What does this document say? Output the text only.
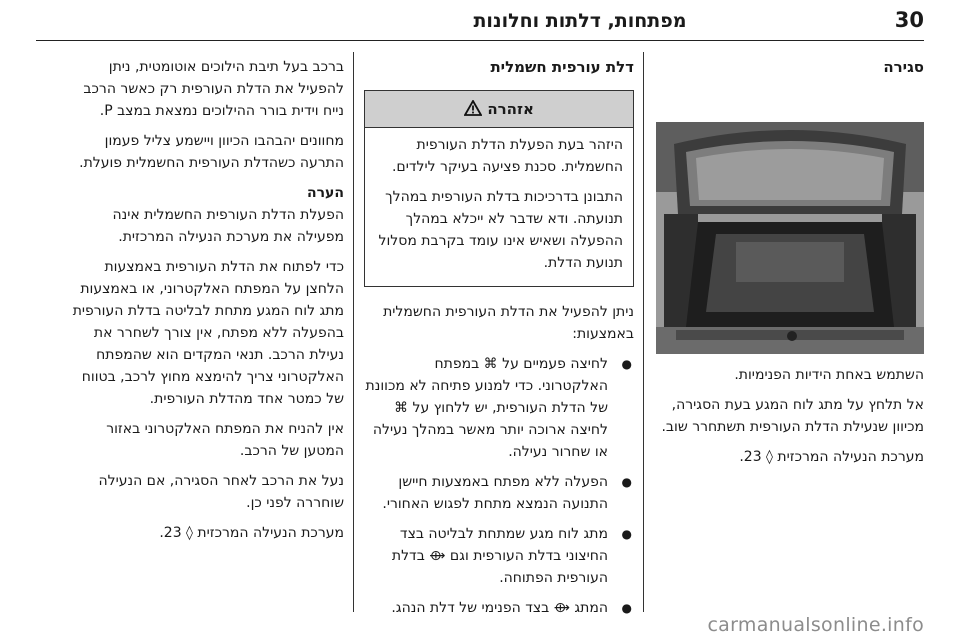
30
מפתחות, דלתות וחלונות
סגירה

השתמש באחת הידיות הפנימיות.

אל תלחץ על מתג לוח המגע בעת הסגירה, מכיוון שנעילת הדלת העורפית תשתחרר שוב.

מערכת הנעילה המרכזית ◊ 23.

דלת עורפית חשמלית
אזהרה

היזהר בעת הפעלת הדלת העורפית החשמלית. סכנת פציעה בעיקר לילדים.

התבונן בדרכיכות בדלת העורפית במהלך תנועתה. ודא שדבר לא ייכלא במהלך ההפעלה ושאיש אינו עומד בקרבת מסלול תנועת הדלת.

ניתן להפעיל את הדלת העורפית החשמלית באמצעות:

● לחיצה פעמיים על ⌘ במפתח האלקטרוני. כדי למנוע פתיחה לא מכוונת של הדלת העורפית, יש ללחוץ על ⌘ לחיצה ארוכה יותר מאשר במהלך נעילה או שחרור נעילה.
● הפעלה ללא מפתח באמצעות חיישן התנועה הנמצא מתחת לפגוש האחורי.
● מתג לוח מגע שמתחת לבליטה בצד החיצוני בדלת העורפית וגם ⟴ בדלת העורפית הפתוחה.
● המתג ⟴ בצד הפנימי של דלת הנהג.

ברכב בעל תיבת הילוכים אוטומטית, ניתן להפעיל את הדלת העורפית רק כאשר הרכב נייח וידית בורר ההילוכים נמצאת במצב P.

מחוונים יהבהבו הכיוון ויישמע צליל פעמון התרעה כשהדלת העורפית החשמלית פועלת.

הערה

הפעלת הדלת העורפית החשמלית אינה מפעילה את מערכת הנעילה המרכזית.

כדי לפתוח את הדלת העורפית באמצעות הלחצן על המפתח האלקטרוני, או באמצעות מתג לוח המגע מתחת לבליטה בדלת העורפית בהפעלה ללא מפתח, אין צורך לשחרר את נעילת הרכב. תנאי המקדים הוא שהמפתח האלקטרוני צריך להימצא מחוץ לרכב, בטווח של כמטר אחד מהדלת העורפית.

אין להניח את המפתח האלקטרוני באזור המטען של הרכב.

נעל את הרכב לאחר הסגירה, אם הנעילה שוחררה לפני כן.

מערכת הנעילה המרכזית ◊ 23.

carmanualsonline.info
